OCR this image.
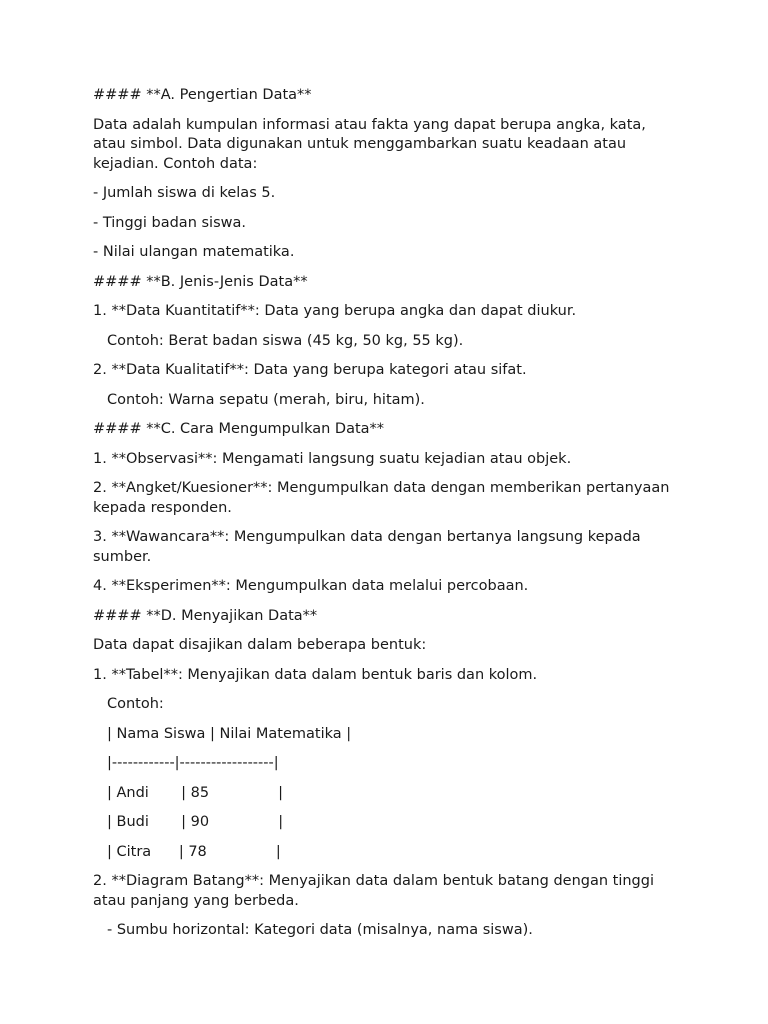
#### **A. Pengertian Data**

Data adalah kumpulan informasi atau fakta yang dapat berupa angka, kata, atau simbol. Data digunakan untuk menggambarkan suatu keadaan atau kejadian. Contoh data:

- Jumlah siswa di kelas 5.

- Tinggi badan siswa.

- Nilai ulangan matematika.

#### **B. Jenis-Jenis Data**

1. **Data Kuantitatif**: Data yang berupa angka dan dapat diukur.

Contoh: Berat badan siswa (45 kg, 50 kg, 55 kg).

2. **Data Kualitatif**: Data yang berupa kategori atau sifat.

Contoh: Warna sepatu (merah, biru, hitam).

#### **C. Cara Mengumpulkan Data**

1. **Observasi**: Mengamati langsung suatu kejadian atau objek.

2. **Angket/Kuesioner**: Mengumpulkan data dengan memberikan pertanyaan kepada responden.

3. **Wawancara**: Mengumpulkan data dengan bertanya langsung kepada sumber.

4. **Eksperimen**: Mengumpulkan data melalui percobaan.

#### **D. Menyajikan Data**

Data dapat disajikan dalam beberapa bentuk:

1. **Tabel**: Menyajikan data dalam bentuk baris dan kolom.

Contoh:

| Nama Siswa | Nilai Matematika |

|------------|------------------|

| Andi       | 85               |

| Budi       | 90               |

| Citra      | 78               |

2. **Diagram Batang**: Menyajikan data dalam bentuk batang dengan tinggi atau panjang yang berbeda.

- Sumbu horizontal: Kategori data (misalnya, nama siswa).
